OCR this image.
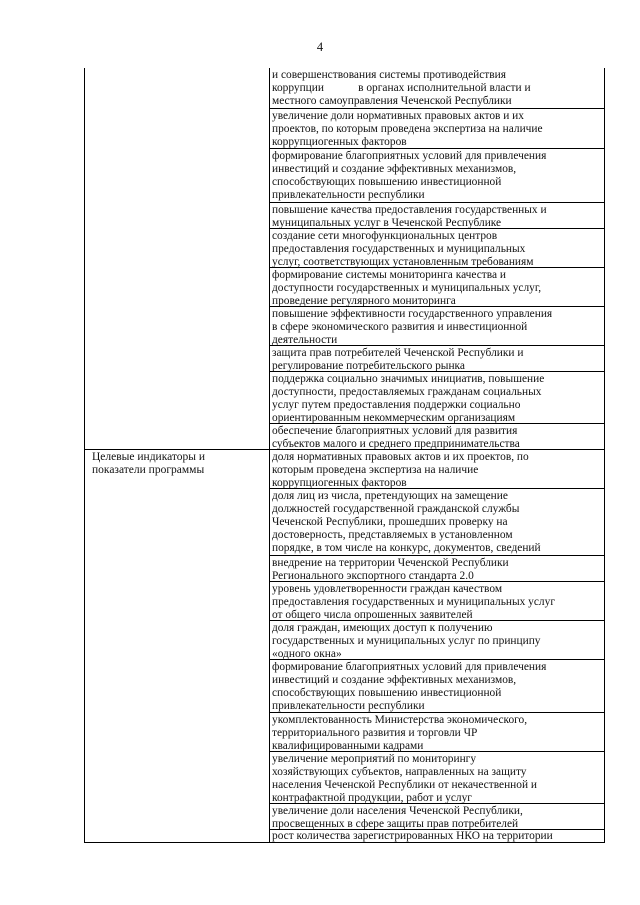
4
Целевые индикаторы и
показатели программы
и совершенствования системы противодействия
коррупции            в органах исполнительной власти и
местного самоуправления Чеченской Республики
увеличение доли нормативных правовых актов и их
проектов, по которым проведена экспертиза на наличие
коррупциогенных факторов
формирование благоприятных условий для привлечения
инвестиций и создание эффективных механизмов,
способствующих повышению инвестиционной
привлекательности республики
повышение качества предоставления государственных и
муниципальных услуг в Чеченской Республике
создание сети многофункциональных центров
предоставления государственных и муниципальных
услуг, соответствующих установленным требованиям
формирование системы мониторинга качества и
доступности государственных и муниципальных услуг,
проведение регулярного мониторинга
повышение эффективности государственного управления
в сфере экономического развития и инвестиционной
деятельности
защита прав потребителей Чеченской Республики и
регулирование потребительского рынка
поддержка социально значимых инициатив, повышение
доступности, предоставляемых гражданам социальных
услуг путем предоставления поддержки социально
ориентированным некоммерческим организациям
обеспечение благоприятных условий для развития
субъектов малого и среднего предпринимательства
доля нормативных правовых актов и их проектов, по
которым проведена экспертиза на наличие
коррупциогенных факторов
доля лиц из числа, претендующих на замещение
должностей государственной гражданской службы
Чеченской Республики, прошедших проверку на
достоверность, представляемых в установленном
порядке, в том числе на конкурс, документов, сведений
внедрение на территории Чеченской Республики
Регионального экспортного стандарта 2.0
уровень удовлетворенности граждан качеством
предоставления государственных и муниципальных услуг
от общего числа опрошенных заявителей
доля граждан, имеющих доступ к получению
государственных и муниципальных услуг по принципу
«одного окна»
формирование благоприятных условий для привлечения
инвестиций и создание эффективных механизмов,
способствующих повышению инвестиционной
привлекательности республики
укомплектованность Министерства экономического,
территориального развития и торговли ЧР
квалифицированными кадрами
увеличение мероприятий по мониторингу
хозяйствующих субъектов, направленных на защиту
населения Чеченской Республики от некачественной и
контрафактной продукции, работ и услуг
увеличение доли населения Чеченской Республики,
просвещенных в сфере защиты прав потребителей
рост количества зарегистрированных НКО на территории
